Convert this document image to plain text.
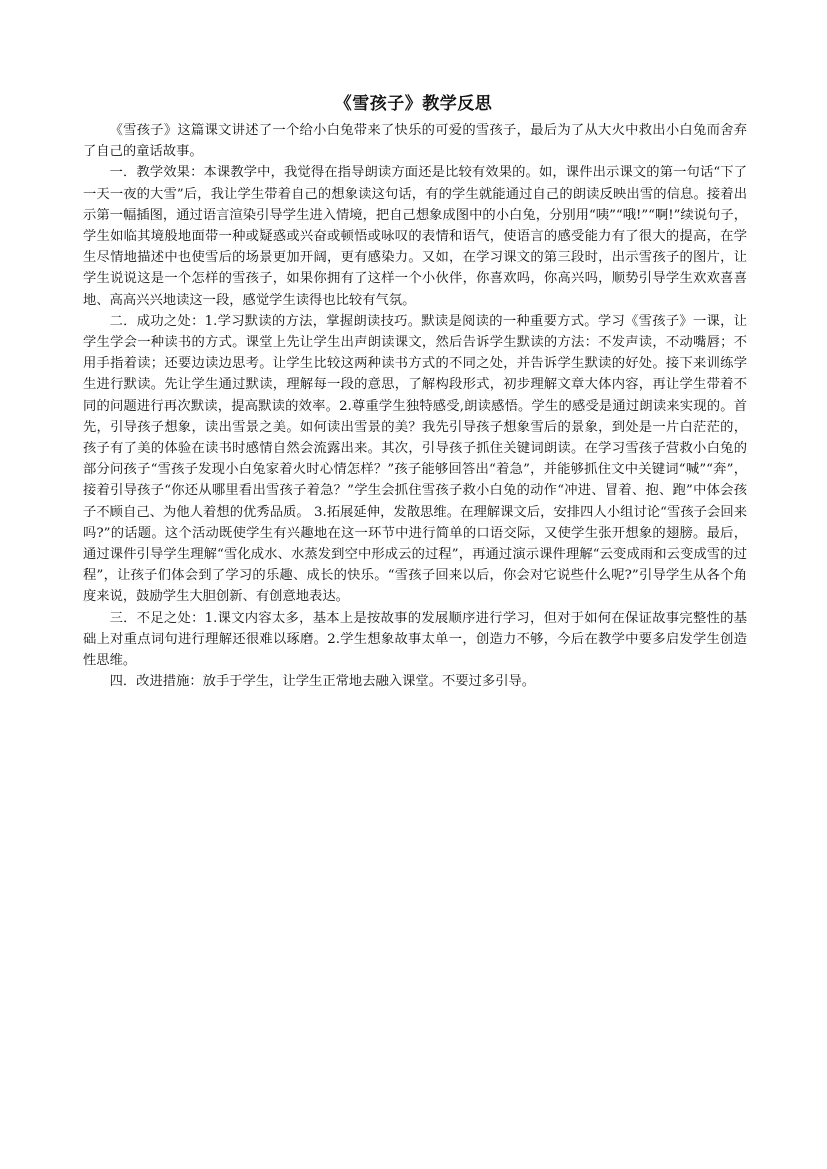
《雪孩子》教学反思

《雪孩子》这篇课文讲述了一个给小白兔带来了快乐的可爱的雪孩子，最后为了从大火中救出小白兔而舍弃了自己的童话故事。

一．教学效果：本课教学中，我觉得在指导朗读方面还是比较有效果的。如，课件出示课文的第一句话“下了一天一夜的大雪”后，我让学生带着自己的想象读这句话，有的学生就能通过自己的朗读反映出雪的信息。接着出示第一幅插图，通过语言渲染引导学生进入情境，把自己想象成图中的小白兔，分别用“咦”“哦!”“啊!”续说句子，学生如临其境般地面带一种或疑惑或兴奋或顿悟或咏叹的表情和语气，使语言的感受能力有了很大的提高，在学生尽情地描述中也使雪后的场景更加开阔，更有感染力。又如，在学习课文的第三段时，出示雪孩子的图片，让学生说说这是一个怎样的雪孩子，如果你拥有了这样一个小伙伴，你喜欢吗，你高兴吗，顺势引导学生欢欢喜喜地、高高兴兴地读这一段，感觉学生读得也比较有气氛。

二．成功之处：1.学习默读的方法，掌握朗读技巧。默读是阅读的一种重要方式。学习《雪孩子》一课，让学生学会一种读书的方式。课堂上先让学生出声朗读课文，然后告诉学生默读的方法：不发声读，不动嘴唇；不用手指着读；还要边读边思考。让学生比较这两种读书方式的不同之处，并告诉学生默读的好处。接下来训练学生进行默读。先让学生通过默读，理解每一段的意思，了解构段形式，初步理解文章大体内容，再让学生带着不同的问题进行再次默读，提高默读的效率。2.尊重学生独特感受,朗读感悟。学生的感受是通过朗读来实现的。首先，引导孩子想象，读出雪景之美。如何读出雪景的美？我先引导孩子想象雪后的景象，到处是一片白茫茫的，孩子有了美的体验在读书时感情自然会流露出来。其次，引导孩子抓住关键词朗读。在学习雪孩子营救小白兔的部分问孩子“雪孩子发现小白兔家着火时心情怎样？”孩子能够回答出“着急”，并能够抓住文中关键词“喊”“奔”，接着引导孩子“你还从哪里看出雪孩子着急？”学生会抓住雪孩子救小白兔的动作“冲进、冒着、抱、跑”中体会孩子不顾自己、为他人着想的优秀品质。 3.拓展延伸，发散思维。在理解课文后，安排四人小组讨论“雪孩子会回来吗?”的话题。这个活动既使学生有兴趣地在这一环节中进行简单的口语交际，又使学生张开想象的翅膀。最后，通过课件引导学生理解“雪化成水、水蒸发到空中形成云的过程”，再通过演示课件理解“云变成雨和云变成雪的过程”，让孩子们体会到了学习的乐趣、成长的快乐。“雪孩子回来以后，你会对它说些什么呢?”引导学生从各个角度来说，鼓励学生大胆创新、有创意地表达。

三．不足之处：1.课文内容太多，基本上是按故事的发展顺序进行学习，但对于如何在保证故事完整性的基础上对重点词句进行理解还很难以琢磨。2.学生想象故事太单一，创造力不够，今后在教学中要多启发学生创造性思维。

四．改进措施：放手于学生，让学生正常地去融入课堂。不要过多引导。
